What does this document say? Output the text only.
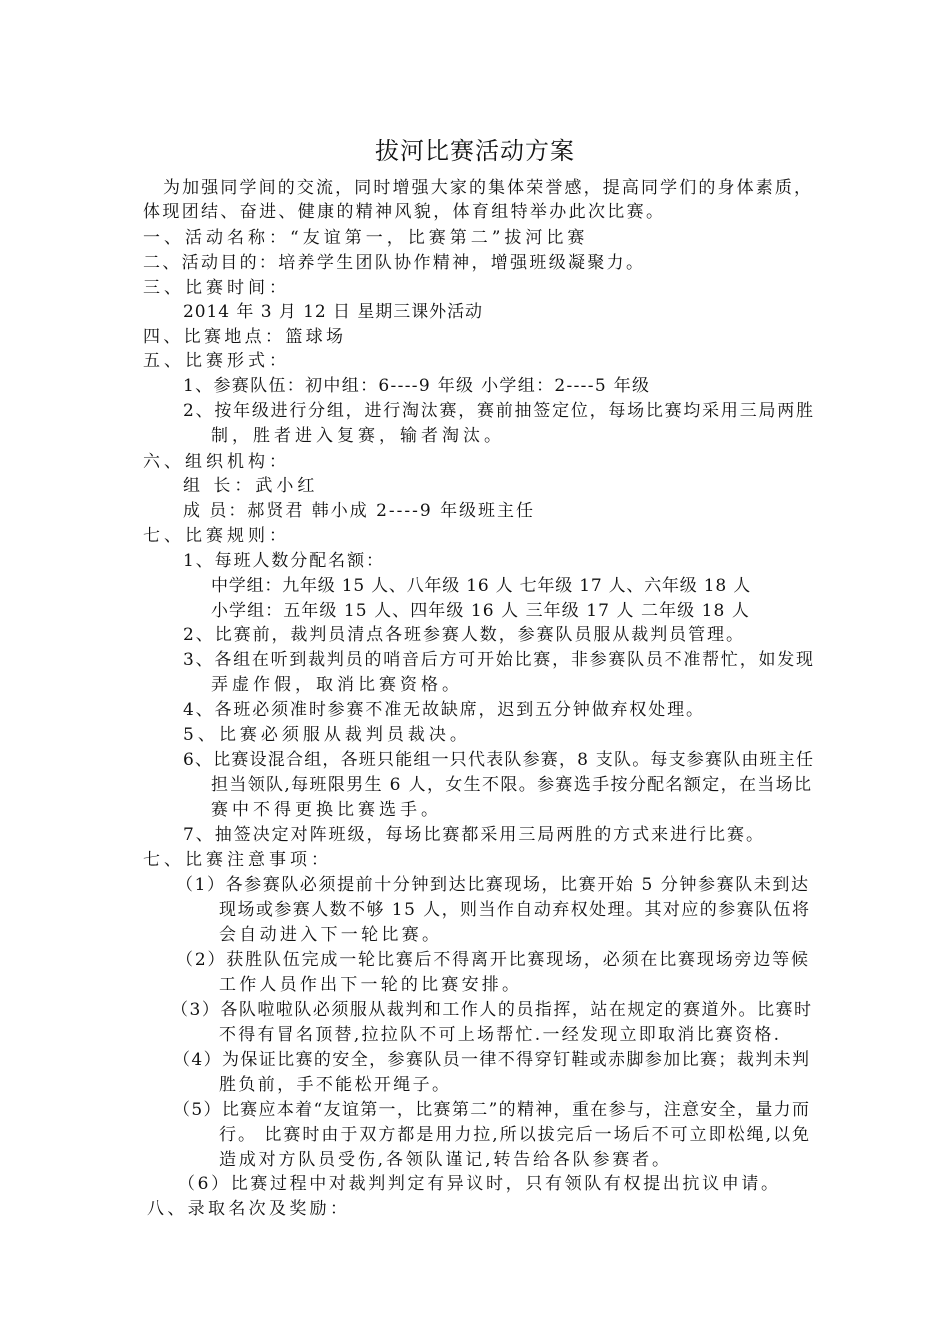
拔河比赛活动方案
为加强同学间的交流，同时增强大家的集体荣誉感，提高同学们的身体素质，
体现团结、奋进、健康的精神风貌，体育组特举办此次比赛。
一、活动名称：“友谊第一，比赛第二”拔河比赛
二、活动目的：培养学生团队协作精神，增强班级凝聚力。
三、比赛时间：
2014 年 3 月 12 日 星期三课外活动
四、比赛地点：篮球场
五、比赛形式：
1、参赛队伍：初中组：6----9 年级 小学组：2----5 年级
2、按年级进行分组，进行淘汰赛，赛前抽签定位，每场比赛均采用三局两胜
制，胜者进入复赛，输者淘汰。
六、组织机构：
组 长：武小红
成 员：郝贤君 韩小成 2----9 年级班主任
七、比赛规则：
1、每班人数分配名额：
中学组：九年级 15 人、八年级 16 人 七年级 17 人、六年级 18 人
小学组：五年级 15 人、四年级 16 人 三年级 17 人 二年级 18 人
2、比赛前，裁判员清点各班参赛人数，参赛队员服从裁判员管理。
3、各组在听到裁判员的哨音后方可开始比赛，非参赛队员不准帮忙，如发现
弄虚作假，取消比赛资格。
4、各班必须准时参赛不准无故缺席，迟到五分钟做弃权处理。
5、比赛必须服从裁判员裁决。
6、比赛设混合组，各班只能组一只代表队参赛，8 支队。每支参赛队由班主任
担当领队,每班限男生 6 人，女生不限。参赛选手按分配名额定，在当场比
赛中不得更换比赛选手。
7、抽签决定对阵班级，每场比赛都采用三局两胜的方式来进行比赛。
七、比赛注意事项：
（1）各参赛队必须提前十分钟到达比赛现场，比赛开始 5 分钟参赛队未到达
现场或参赛人数不够 15 人，则当作自动弃权处理。其对应的参赛队伍将
会自动进入下一轮比赛。
（2）获胜队伍完成一轮比赛后不得离开比赛现场，必须在比赛现场旁边等候
工作人员作出下一轮的比赛安排。
（3）各队啦啦队必须服从裁判和工作人的员指挥，站在规定的赛道外。比赛时
不得有冒名顶替,拉拉队不可上场帮忙.一经发现立即取消比赛资格.
（4）为保证比赛的安全，参赛队员一律不得穿钉鞋或赤脚参加比赛；裁判未判
胜负前，手不能松开绳子。
（5）比赛应本着“友谊第一，比赛第二”的精神，重在参与，注意安全，量力而
行。 比赛时由于双方都是用力拉,所以拔完后一场后不可立即松绳,以免
造成对方队员受伤,各领队谨记,转告给各队参赛者。
（6）比赛过程中对裁判判定有异议时，只有领队有权提出抗议申请。
八、录取名次及奖励：
